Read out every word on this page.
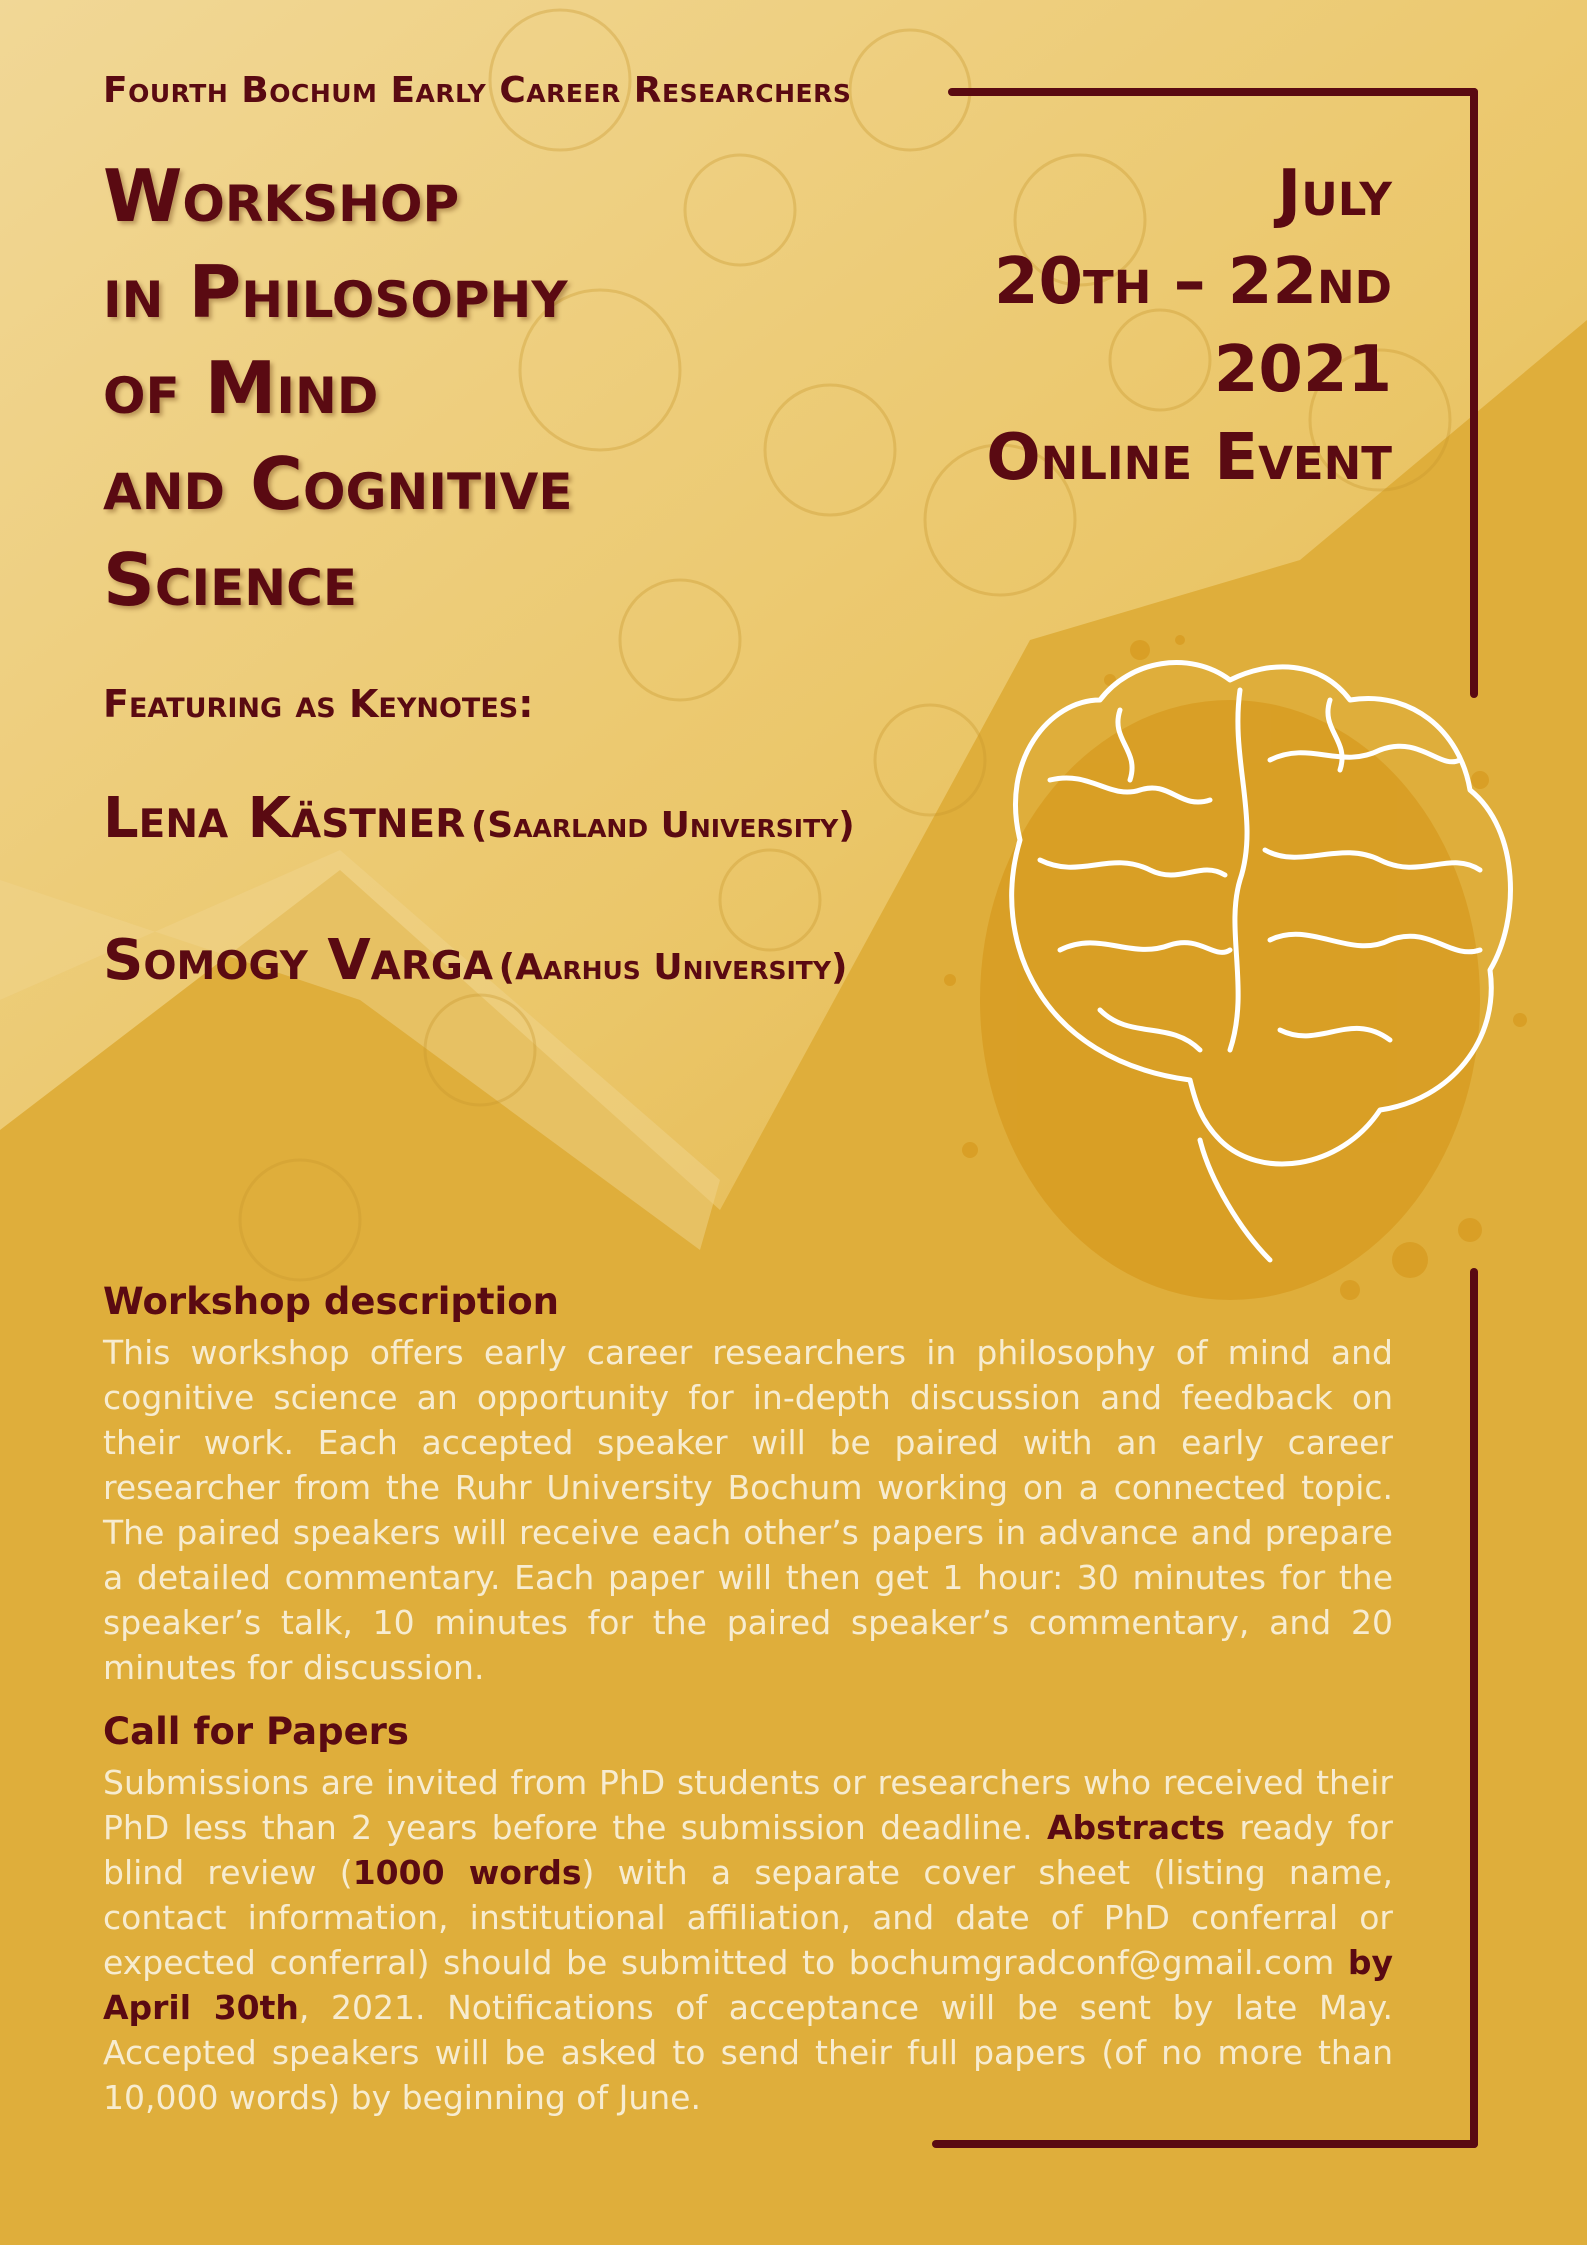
Fourth Bochum Early Career Researchers
Workshop
in Philosophy
of Mind
and Cognitive
Science
July
20th – 22nd
2021
Online Event
Featuring as Keynotes:
Lena Kästner (Saarland University)
Somogy Varga (Aarhus University)
Workshop description
This workshop offers early career researchers in philosophy of mind and cognitive science an opportunity for in-depth discussion and feedback on their work. Each accepted speaker will be paired with an early career researcher from the Ruhr University Bochum working on a connected topic. The paired speakers will receive each other’s papers in advance and prepare a detailed commentary. Each paper will then get 1 hour: 30 minutes for the speaker’s talk, 10 minutes for the paired speaker’s commentary, and 20 minutes for discussion.
Call for Papers
Submissions are invited from PhD students or researchers who received their PhD less than 2 years before the submission deadline. Abstracts ready for blind review (1000 words) with a separate cover sheet (listing name, contact information, institutional affiliation, and date of PhD conferral or expected conferral) should be submitted to bochumgradconf@gmail.com by April 30th, 2021. Notifications of acceptance will be sent by late May. Accepted speakers will be asked to send their full papers (of no more than 10,000 words) by beginning of June.
